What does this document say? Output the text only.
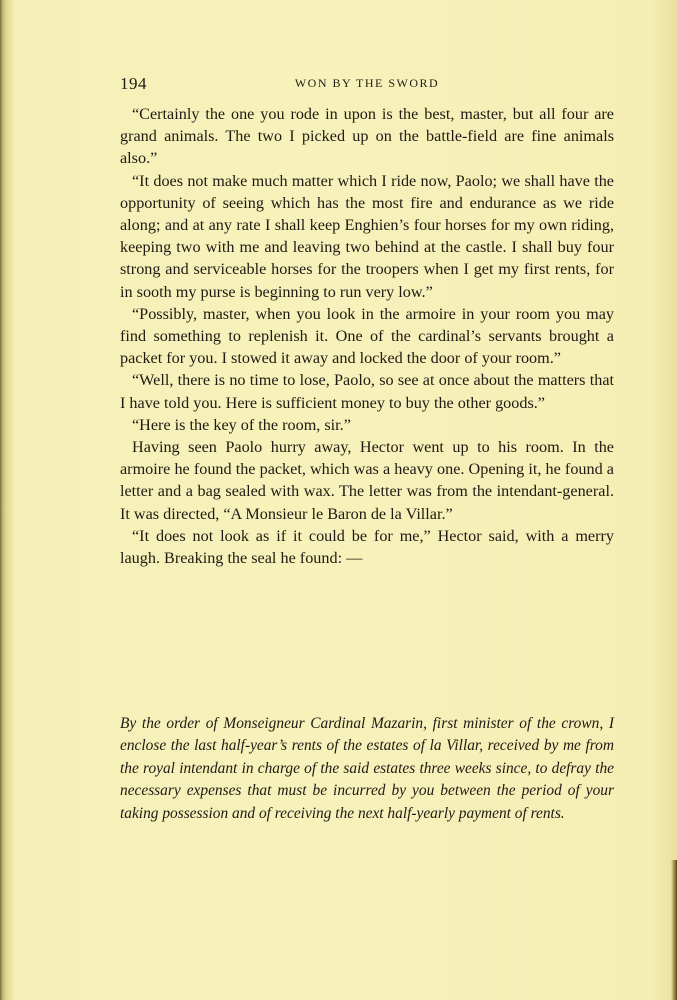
194	WON BY THE SWORD

“Certainly the one you rode in upon is the best, master, but all four are grand animals. The two I picked up on the battle-field are fine animals also.”

“It does not make much matter which I ride now, Paolo; we shall have the opportunity of seeing which has the most fire and endurance as we ride along; and at any rate I shall keep Enghien’s four horses for my own riding, keeping two with me and leaving two behind at the castle. I shall buy four strong and serviceable horses for the troopers when I get my first rents, for in sooth my purse is beginning to run very low.”

“Possibly, master, when you look in the armoire in your room you may find something to replenish it. One of the cardinal’s servants brought a packet for you. I stowed it away and locked the door of your room.”

“Well, there is no time to lose, Paolo, so see at once about the matters that I have told you. Here is sufficient money to buy the other goods.”

“Here is the key of the room, sir.”

Having seen Paolo hurry away, Hector went up to his room. In the armoire he found the packet, which was a heavy one. Opening it, he found a letter and a bag sealed with wax. The letter was from the intendant-general. It was directed, “A Monsieur le Baron de la Villar.”

“It does not look as if it could be for me,” Hector said, with a merry laugh. Breaking the seal he found: —

By the order of Monseigneur Cardinal Mazarin, first minister of the crown, I enclose the last half-year’s rents of the estates of la Villar, received by me from the royal intendant in charge of the said estates three weeks since, to defray the necessary expenses that must be incurred by you between the period of your taking possession and of receiving the next half-yearly payment of rents.
